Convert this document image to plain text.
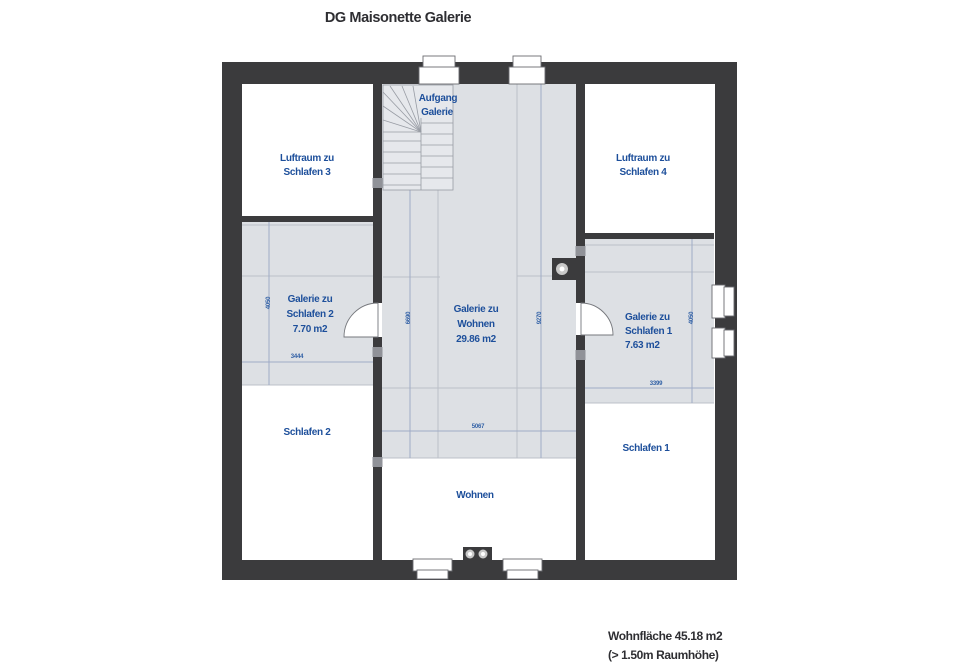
DG Maisonette Galerie
Luftraum zu
Schlafen 3
Aufgang
Galerie
Luftraum zu
Schlafen 4
Galerie zu
Schlafen 2
7.70 m2
Galerie zu
Wohnen
29.86 m2
Galerie zu
Schlafen 1
7.63 m2
Schlafen 2
Schlafen 1
Wohnen
4050
3444
6690	9270
5067
4050
3399
Wohnfläche 45.18 m2
(> 1.50m Raumhöhe)
